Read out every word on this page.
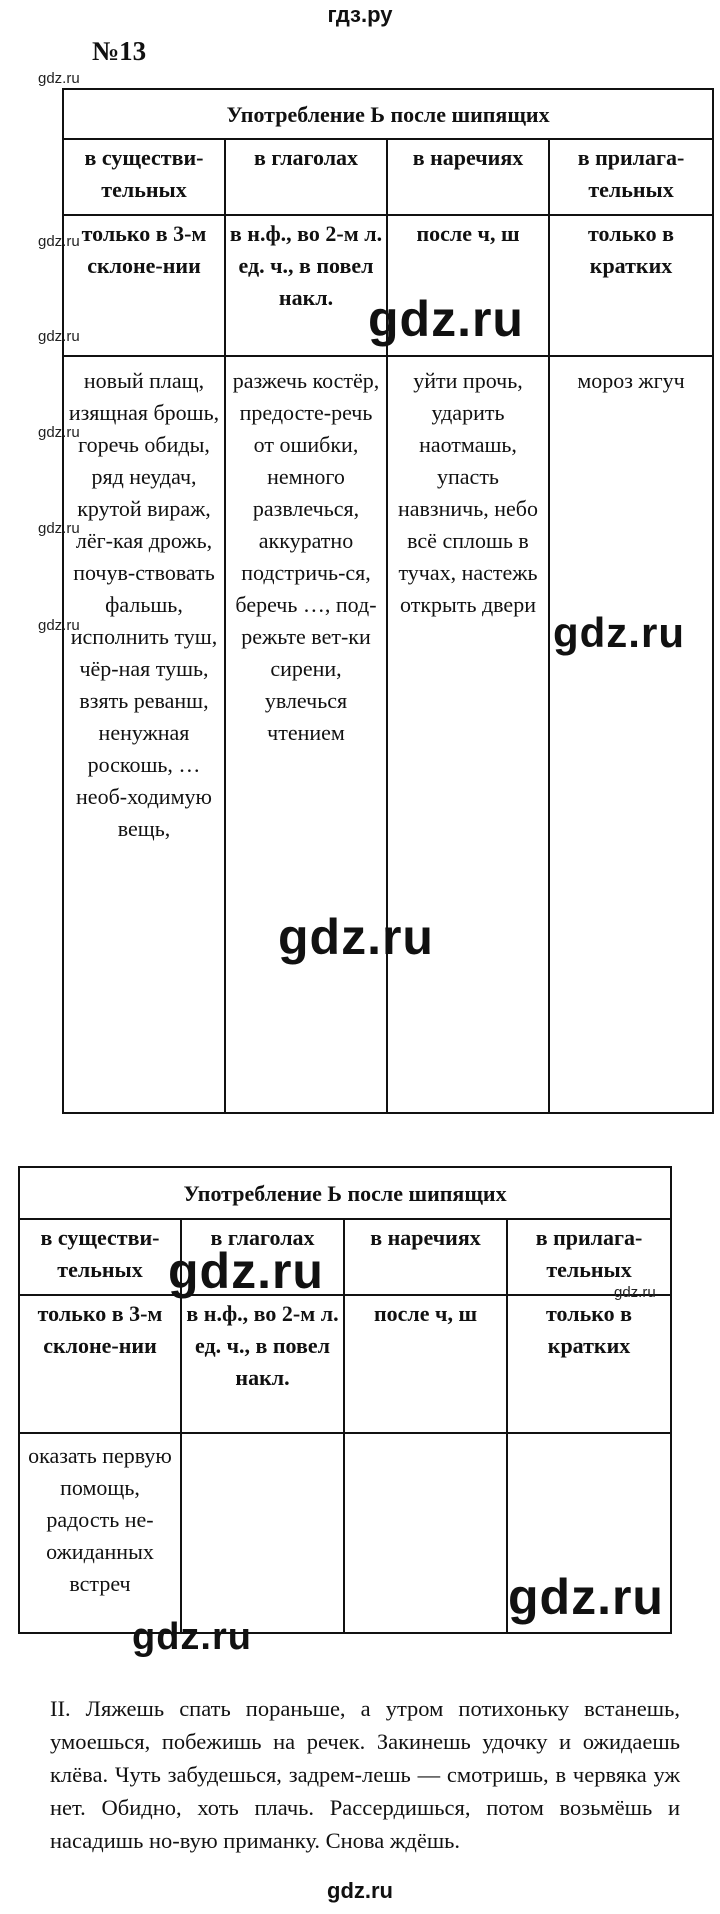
гдз.ру
№13
Употребление Ь после шипящих			
в существи-тельных	в глаголах	в наречиях	в прилага-тельных
только в 3-м склоне-нии	в н.ф., во 2-м л. ед. ч., в повел накл.	после ч, ш	только в кратких
новый плащ, изящная брошь, горечь обиды, ряд неудач, крутой вираж, лёг-кая дрожь, почув-ствовать фальшь, исполнить туш, чёр-ная тушь, взять реванш, ненужная роскошь, …необ-ходимую вещь,	разжечь костёр, предосте-речь от ошибки, немного развлечься, аккуратно подстричь-ся, беречь …, под-режьте вет-ки сирени, увлечься чтением	уйти прочь, ударить наотмашь, упасть навзничь, небо всё сплошь в тучах, настежь открыть двери	мороз жгуч
Употребление Ь после шипящих			
в существи-тельных	в глаголах	в наречиях	в прилага-тельных
только в 3-м склоне-нии	в н.ф., во 2-м л. ед. ч., в повел накл.	после ч, ш	только в кратких
оказать первую помощь, радость не-ожиданных встреч			
II. Ляжешь спать пораньше, а утром потихоньку встанешь, умоешься, побежишь на речек. Закинешь удочку и ожидаешь клёва. Чуть забудешься, задрем-лешь — смотришь, в червяка уж нет. Обидно, хоть плачь. Рассердишься, потом возьмёшь и насадишь но-вую приманку. Снова ждёшь.
gdz.ru
gdz.ru
gdz.ru
gdz.ru
gdz.ru
gdz.ru
gdz.ru
gdz.ru
gdz.ru
gdz.ru
gdz.ru
gdz.ru
gdz.ru
gdz.ru
